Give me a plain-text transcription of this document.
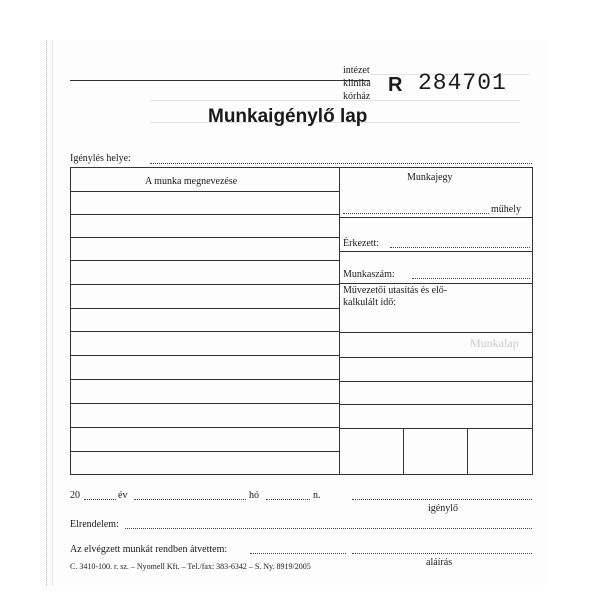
Munkalap
intézet
klinika
kórház
R 284701
Munkaigénylő lap
Igénylés helye:
A munka megnevezése	Munkajegy
műhely
Érkezett:
Munkaszám:
Művezetői utasítás és elő-
kalkulált idő:
20	év	hó	n.
igénylő
Elrendelem:
Az elvégzett munkát rendben átvettem:
C. 3410-100. r. sz. – Nyomell Kft. – Tel./fax: 383-6342 – S. Ny. 8919/2005	aláírás
